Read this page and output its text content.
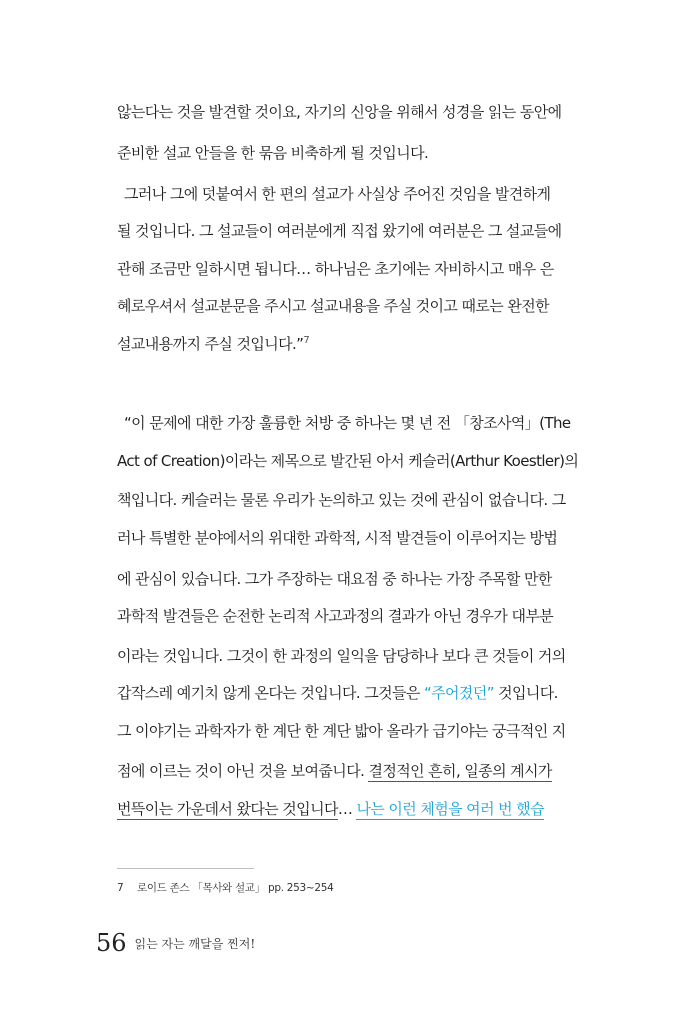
않는다는 것을 발견할 것이요, 자기의 신앙을 위해서 성경을 읽는 동안에
준비한 설교 안들을 한 묶음 비축하게 될 것입니다.
그러나 그에 덧붙여서 한 편의 설교가 사실상 주어진 것임을 발견하게
될 것입니다. 그 설교들이 여러분에게 직접 왔기에 여러분은 그 설교들에
관해 조금만 일하시면 됩니다… 하나님은 초기에는 자비하시고 매우 은
혜로우셔서 설교분문을 주시고 설교내용을 주실 것이고 때로는 완전한
설교내용까지 주실 것입니다.”$^7$
“이 문제에 대한 가장 훌륭한 처방 중 하나는 몇 년 전 「창조사역」(The
Act of Creation)이라는 제목으로 발간된 아서 케슬러(Arthur Koestler)의
책입니다. 케슬러는 물론 우리가 논의하고 있는 것에 관심이 없습니다. 그
러나 특별한 분야에서의 위대한 과학적, 시적 발견들이 이루어지는 방법
에 관심이 있습니다. 그가 주장하는 대요점 중 하나는 가장 주목할 만한
과학적 발견들은 순전한 논리적 사고과정의 결과가 아닌 경우가 대부분
이라는 것입니다. 그것이 한 과정의 일익을 담당하나 보다 큰 것들이 거의
갑작스레 예기치 않게 온다는 것입니다. 그것들은 “주어졌던” 것입니다.
그 이야기는 과학자가 한 계단 한 계단 밟아 올라가 급기야는 궁극적인 지
점에 이르는 것이 아닌 것을 보여줍니다. 결정적인 흔히, 일종의 계시가
번뜩이는 가운데서 왔다는 것입니다… 나는 이런 체험을 여러 번 했습
7 로이드 존스 「목사와 설교」 pp. 253~254
56 읽는 자는 깨달을 찐저!
